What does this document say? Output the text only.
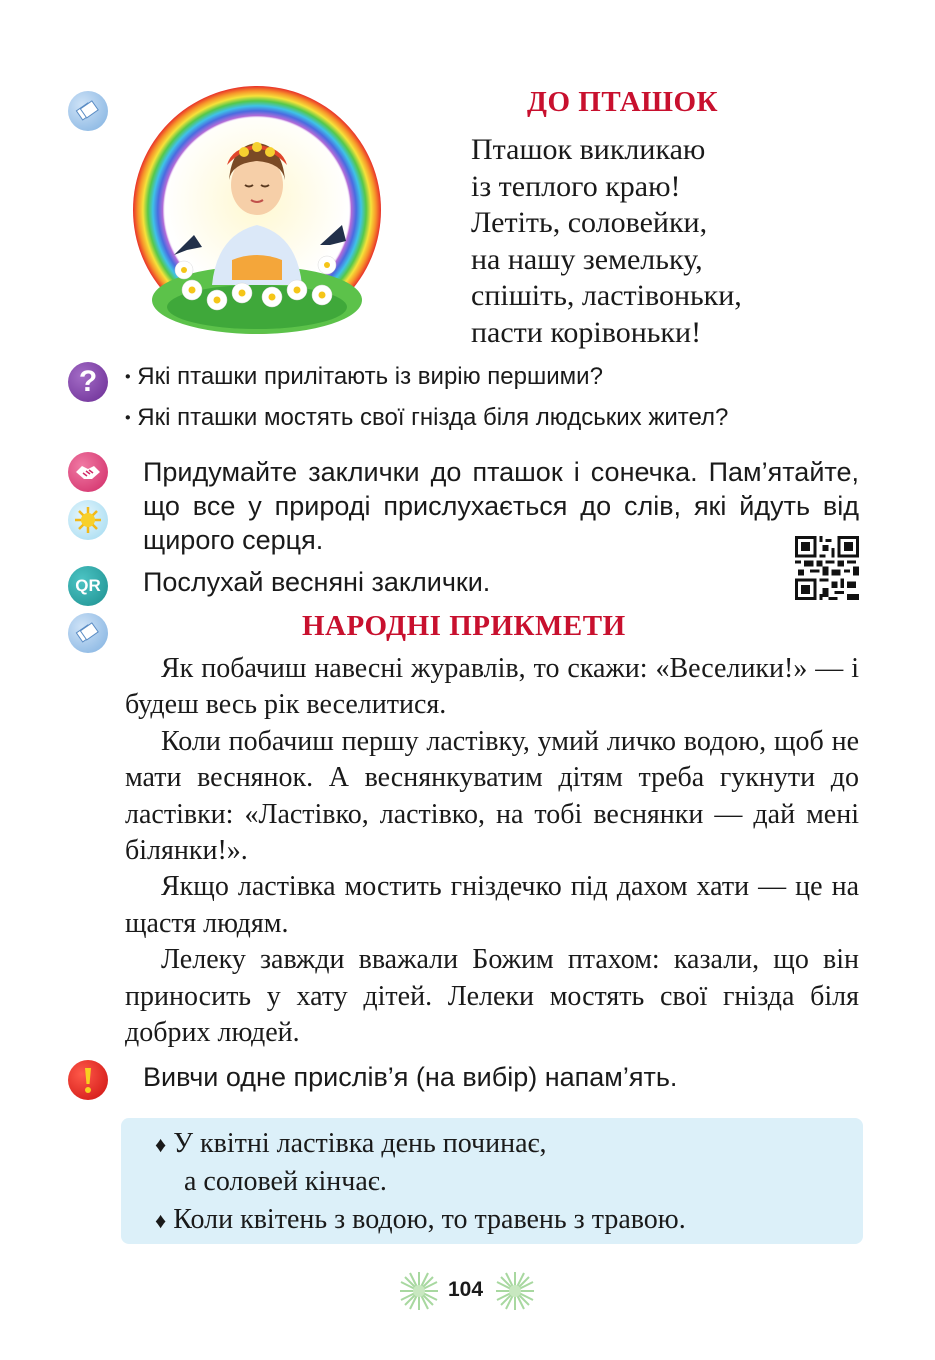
ДО ПТАШОК
Пташок викликаю
із теплого краю!
Летіть, соловейки,
на нашу земельку,
спішіть, ластівоньки,
пасти корівоньки!
? • Які пташки прилітають із вирію першими?
• Які пташки мостять свої гнізда біля людських жител?
Придумайте заклички до пташок і сонечка. Пам’ятайте, що все у природі прислухається до слів, які йдуть від щирого серця.
QR Послухай весняні заклички.
НАРОДНІ ПРИКМЕТИ
Як побачиш навесні журавлів, то скажи: «Веселики!» — і будеш весь рік веселитися.
Коли побачиш першу ластівку, умий личко водою, щоб не мати веснянок. А веснянкуватим дітям треба гукнути до ластівки: «Ластівко, ластівко, на тобі веснянки — дай мені білянки!».
Якщо ластівка мостить гніздечко під дахом хати — це на щастя людям.
Лелеку завжди вважали Божим птахом: казали, що він приносить у хату дітей. Лелеки мостять свої гнізда біля добрих людей.
Вивчи одне прислів’я (на вибір) напам’ять.
♦ У квітні ластівка день починає,
а соловей кінчає.
♦ Коли квітень з водою, то травень з травою.
104
